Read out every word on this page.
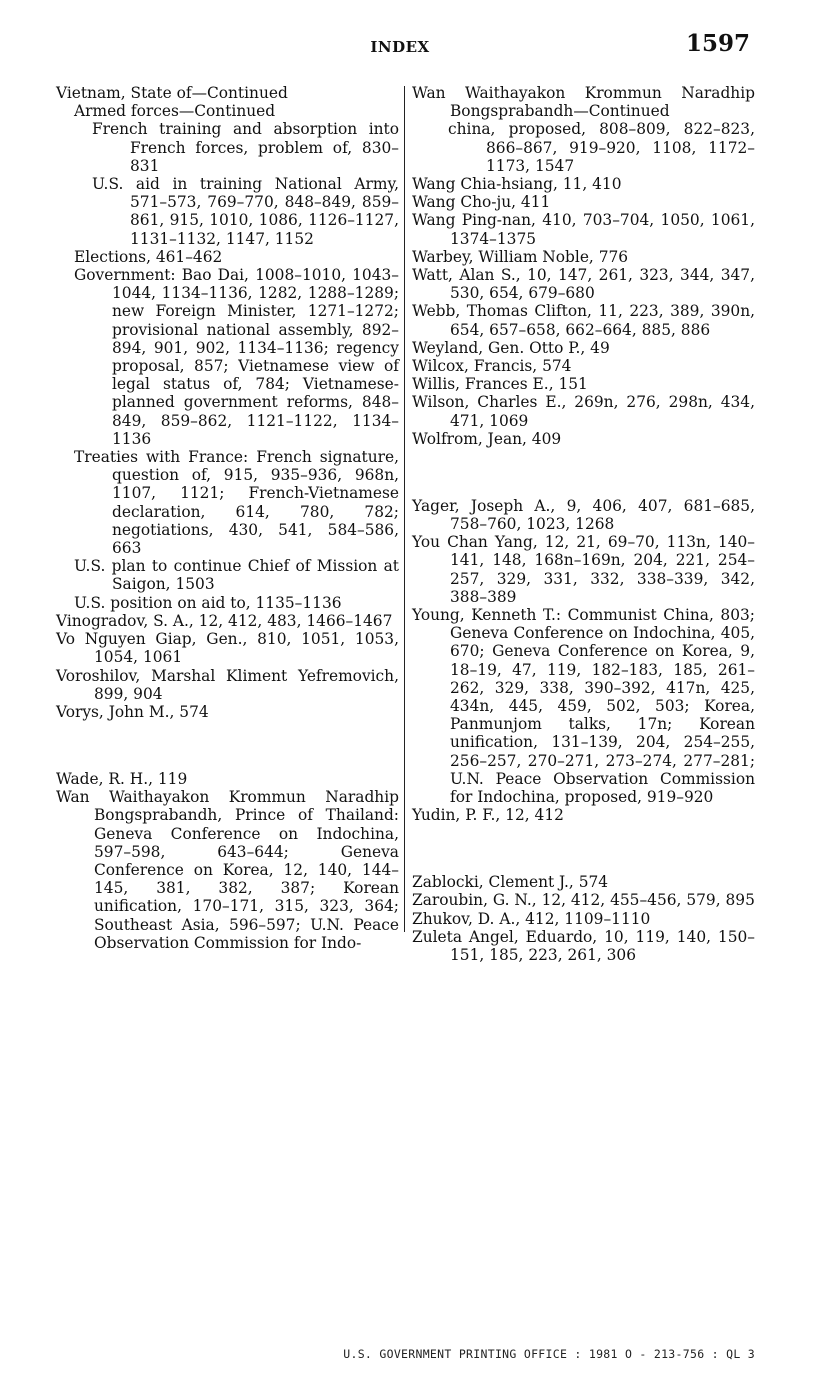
INDEX	1597

Vietnam, State of—Continued

Armed forces—Continued

French training and absorption into French forces, problem of, 830–831

U.S. aid in training National Army, 571–573, 769–770, 848–849, 859–861, 915, 1010, 1086, 1126–1127, 1131–1132, 1147, 1152

Elections, 461–462

Government: Bao Dai, 1008–1010, 1043–1044, 1134–1136, 1282, 1288–1289; new Foreign Minister, 1271–1272; provisional national assembly, 892–894, 901, 902, 1134–1136; regency proposal, 857; Vietnamese view of legal status of, 784; Vietnamese-planned government reforms, 848–849, 859–862, 1121–1122, 1134–1136

Treaties with France: French signature, question of, 915, 935–936, 968n, 1107, 1121; French-Vietnamese declaration, 614, 780, 782; negotiations, 430, 541, 584–586, 663

U.S. plan to continue Chief of Mission at Saigon, 1503

U.S. position on aid to, 1135–1136

Vinogradov, S. A., 12, 412, 483, 1466–1467

Vo Nguyen Giap, Gen., 810, 1051, 1053, 1054, 1061

Voroshilov, Marshal Kliment Yefremovich, 899, 904

Vorys, John M., 574

Wade, R. H., 119

Wan Waithayakon Krommun Naradhip Bongsprabandh, Prince of Thailand: Geneva Conference on Indochina, 597–598, 643–644; Geneva Conference on Korea, 12, 140, 144–145, 381, 382, 387; Korean unification, 170–171, 315, 323, 364; Southeast Asia, 596–597; U.N. Peace Observation Commission for Indo-

Wan Waithayakon Krommun Naradhip Bongsprabandh—Continued

china, proposed, 808–809, 822–823, 866–867, 919–920, 1108, 1172–1173, 1547

Wang Chia-hsiang, 11, 410

Wang Cho-ju, 411

Wang Ping-nan, 410, 703–704, 1050, 1061, 1374–1375

Warbey, William Noble, 776

Watt, Alan S., 10, 147, 261, 323, 344, 347, 530, 654, 679–680

Webb, Thomas Clifton, 11, 223, 389, 390n, 654, 657–658, 662–664, 885, 886

Weyland, Gen. Otto P., 49

Wilcox, Francis, 574

Willis, Frances E., 151

Wilson, Charles E., 269n, 276, 298n, 434, 471, 1069

Wolfrom, Jean, 409

Yager, Joseph A., 9, 406, 407, 681–685, 758–760, 1023, 1268

You Chan Yang, 12, 21, 69–70, 113n, 140–141, 148, 168n–169n, 204, 221, 254–257, 329, 331, 332, 338–339, 342, 388–389

Young, Kenneth T.: Communist China, 803; Geneva Conference on Indochina, 405, 670; Geneva Conference on Korea, 9, 18–19, 47, 119, 182–183, 185, 261–262, 329, 338, 390–392, 417n, 425, 434n, 445, 459, 502, 503; Korea, Panmunjom talks, 17n; Korean unification, 131–139, 204, 254–255, 256–257, 270–271, 273–274, 277–281; U.N. Peace Observation Commission for Indochina, proposed, 919–920

Yudin, P. F., 12, 412

Zablocki, Clement J., 574

Zaroubin, G. N., 12, 412, 455–456, 579, 895

Zhukov, D. A., 412, 1109–1110

Zuleta Angel, Eduardo, 10, 119, 140, 150–151, 185, 223, 261, 306

U.S. GOVERNMENT PRINTING OFFICE : 1981 O - 213-756 : QL 3
